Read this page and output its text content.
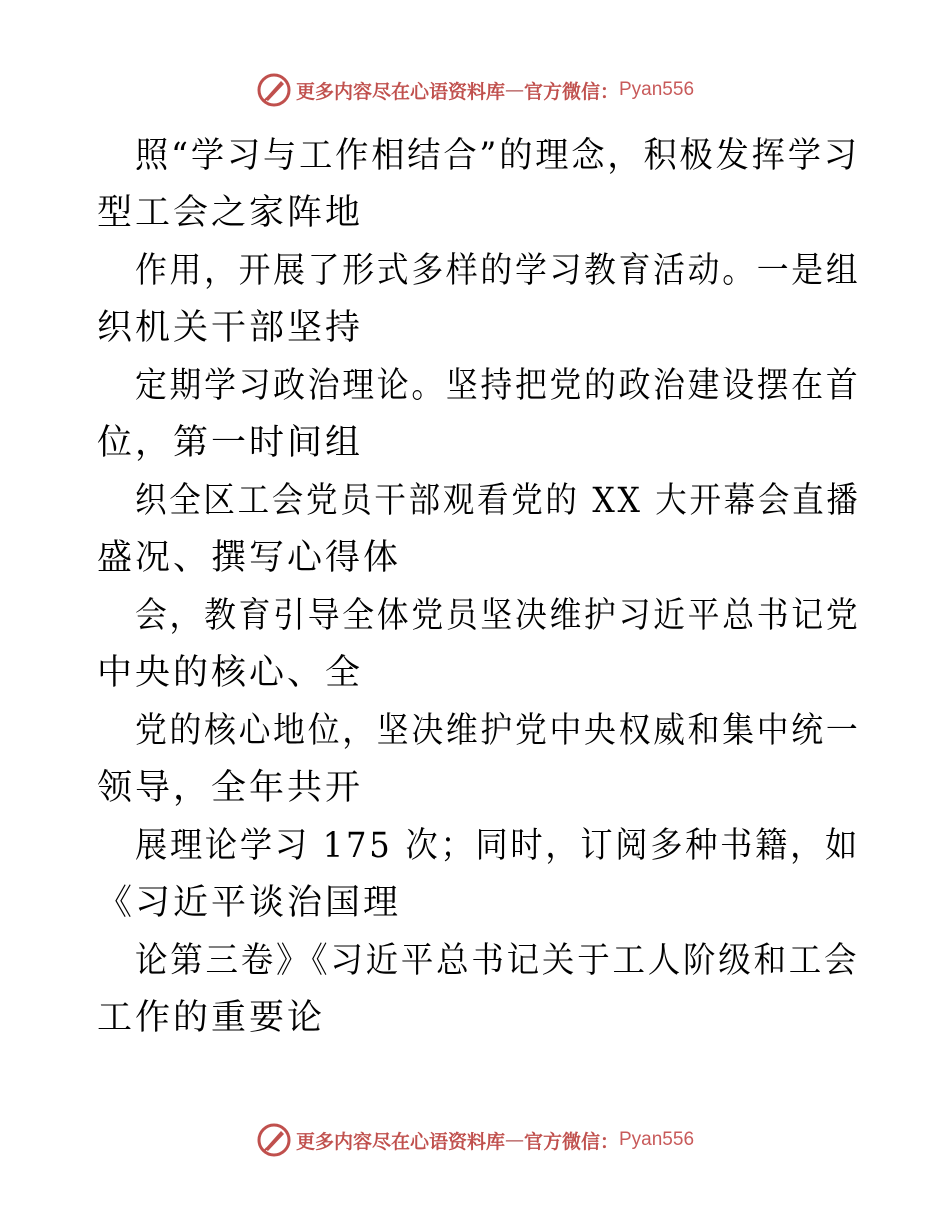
更多内容尽在心语资料库 — 官方微信： Pyan556
照“学习与工作相结合”的理念，积极发挥学习
型工会之家阵地
作用，开展了形式多样的学习教育活动。一是组
织机关干部坚持
定期学习政治理论。坚持把党的政治建设摆在首
位，第一时间组
织全区工会党员干部观看党的 XX 大开幕会直播
盛况、撰写心得体
会，教育引导全体党员坚决维护习近平总书记党
中央的核心、全
党的核心地位，坚决维护党中央权威和集中统一
领导，全年共开
展理论学习 175 次；同时，订阅多种书籍，如
《习近平谈治国理
论第三卷》《习近平总书记关于工人阶级和工会
工作的重要论
更多内容尽在心语资料库 — 官方微信： Pyan556
